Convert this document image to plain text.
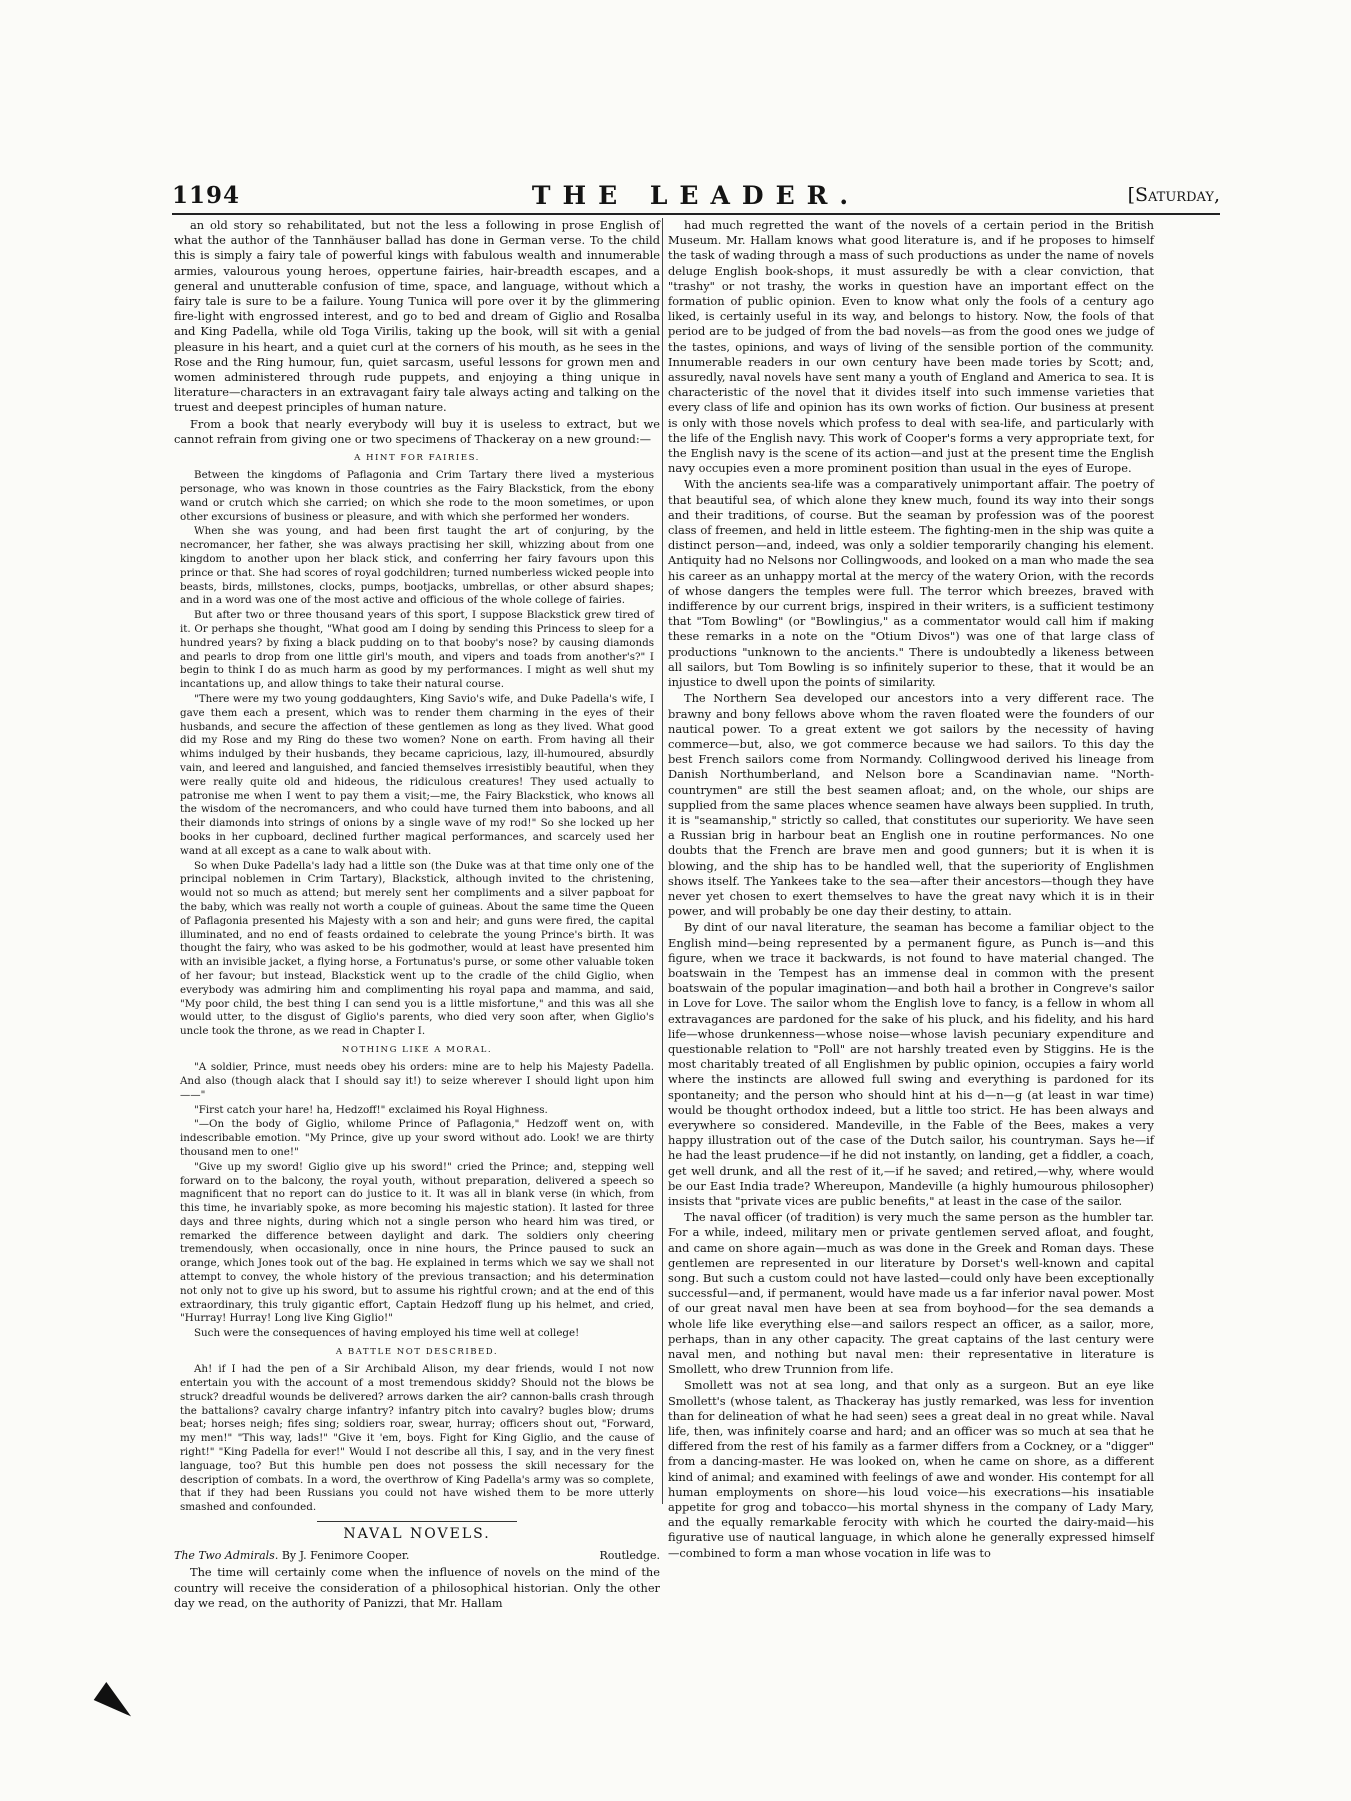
1194	THE LEADER.	[Saturday,

an old story so rehabilitated, but not the less a following in prose English of what the author of the Tannhäuser ballad has done in German verse. To the child this is simply a fairy tale of powerful kings with fabulous wealth and innumerable armies, valourous young heroes, oppertune fairies, hair-breadth escapes, and a general and unutterable confusion of time, space, and language, without which a fairy tale is sure to be a failure. Young Tunica will pore over it by the glimmering fire-light with engrossed interest, and go to bed and dream of Giglio and Rosalba and King Padella, while old Toga Virilis, taking up the book, will sit with a genial pleasure in his heart, and a quiet curl at the corners of his mouth, as he sees in the Rose and the Ring humour, fun, quiet sarcasm, useful lessons for grown men and women administered through rude puppets, and enjoying a thing unique in literature—characters in an extravagant fairy tale always acting and talking on the truest and deepest principles of human nature.

From a book that nearly everybody will buy it is useless to extract, but we cannot refrain from giving one or two specimens of Thackeray on a new ground:—

A HINT FOR FAIRIES.

Between the kingdoms of Paflagonia and Crim Tartary there lived a mysterious personage, who was known in those countries as the Fairy Blackstick, from the ebony wand or crutch which she carried; on which she rode to the moon sometimes, or upon other excursions of business or pleasure, and with which she performed her wonders.

When she was young, and had been first taught the art of conjuring, by the necromancer, her father, she was always practising her skill, whizzing about from one kingdom to another upon her black stick, and conferring her fairy favours upon this prince or that. She had scores of royal godchildren; turned numberless wicked people into beasts, birds, millstones, clocks, pumps, bootjacks, umbrellas, or other absurd shapes; and in a word was one of the most active and officious of the whole college of fairies.

But after two or three thousand years of this sport, I suppose Blackstick grew tired of it. Or perhaps she thought, "What good am I doing by sending this Princess to sleep for a hundred years? by fixing a black pudding on to that booby's nose? by causing diamonds and pearls to drop from one little girl's mouth, and vipers and toads from another's?" I begin to think I do as much harm as good by my performances. I might as well shut my incantations up, and allow things to take their natural course.

"There were my two young goddaughters, King Savio's wife, and Duke Padella's wife, I gave them each a present, which was to render them charming in the eyes of their husbands, and secure the affection of these gentlemen as long as they lived. What good did my Rose and my Ring do these two women? None on earth. From having all their whims indulged by their husbands, they became capricious, lazy, ill-humoured, absurdly vain, and leered and languished, and fancied themselves irresistibly beautiful, when they were really quite old and hideous, the ridiculous creatures! They used actually to patronise me when I went to pay them a visit;—me, the Fairy Blackstick, who knows all the wisdom of the necromancers, and who could have turned them into baboons, and all their diamonds into strings of onions by a single wave of my rod!" So she locked up her books in her cupboard, declined further magical performances, and scarcely used her wand at all except as a cane to walk about with.

So when Duke Padella's lady had a little son (the Duke was at that time only one of the principal noblemen in Crim Tartary), Blackstick, although invited to the christening, would not so much as attend; but merely sent her compliments and a silver papboat for the baby, which was really not worth a couple of guineas. About the same time the Queen of Paflagonia presented his Majesty with a son and heir; and guns were fired, the capital illuminated, and no end of feasts ordained to celebrate the young Prince's birth. It was thought the fairy, who was asked to be his godmother, would at least have presented him with an invisible jacket, a flying horse, a Fortunatus's purse, or some other valuable token of her favour; but instead, Blackstick went up to the cradle of the child Giglio, when everybody was admiring him and complimenting his royal papa and mamma, and said, "My poor child, the best thing I can send you is a little misfortune," and this was all she would utter, to the disgust of Giglio's parents, who died very soon after, when Giglio's uncle took the throne, as we read in Chapter I.

NOTHING LIKE A MORAL.

"A soldier, Prince, must needs obey his orders: mine are to help his Majesty Padella. And also (though alack that I should say it!) to seize wherever I should light upon him——"

"First catch your hare! ha, Hedzoff!" exclaimed his Royal Highness.

"—On the body of Giglio, whilome Prince of Paflagonia," Hedzoff went on, with indescribable emotion. "My Prince, give up your sword without ado. Look! we are thirty thousand men to one!"

"Give up my sword! Giglio give up his sword!" cried the Prince; and, stepping well forward on to the balcony, the royal youth, without preparation, delivered a speech so magnificent that no report can do justice to it. It was all in blank verse (in which, from this time, he invariably spoke, as more becoming his majestic station). It lasted for three days and three nights, during which not a single person who heard him was tired, or remarked the difference between daylight and dark. The soldiers only cheering tremendously, when occasionally, once in nine hours, the Prince paused to suck an orange, which Jones took out of the bag. He explained in terms which we say we shall not attempt to convey, the whole history of the previous transaction; and his determination not only not to give up his sword, but to assume his rightful crown; and at the end of this extraordinary, this truly gigantic effort, Captain Hedzoff flung up his helmet, and cried, "Hurray! Hurray! Long live King Giglio!"

Such were the consequences of having employed his time well at college!

A BATTLE NOT DESCRIBED.

Ah! if I had the pen of a Sir Archibald Alison, my dear friends, would I not now entertain you with the account of a most tremendous skiddy? Should not the blows be struck? dreadful wounds be delivered? arrows darken the air? cannon-balls crash through the battalions? cavalry charge infantry? infantry pitch into cavalry? bugles blow; drums beat; horses neigh; fifes sing; soldiers roar, swear, hurray; officers shout out, "Forward, my men!" "This way, lads!" "Give it 'em, boys. Fight for King Giglio, and the cause of right!" "King Padella for ever!" Would I not describe all this, I say, and in the very finest language, too? But this humble pen does not possess the skill necessary for the description of combats. In a word, the overthrow of King Padella's army was so complete, that if they had been Russians you could not have wished them to be more utterly smashed and confounded.

NAVAL NOVELS.
The Two Admirals. By J. Fenimore Cooper.	Routledge.

The time will certainly come when the influence of novels on the mind of the country will receive the consideration of a philosophical historian. Only the other day we read, on the authority of Panizzi, that Mr. Hallam

had much regretted the want of the novels of a certain period in the British Museum. Mr. Hallam knows what good literature is, and if he proposes to himself the task of wading through a mass of such productions as under the name of novels deluge English book-shops, it must assuredly be with a clear conviction, that "trashy" or not trashy, the works in question have an important effect on the formation of public opinion. Even to know what only the fools of a century ago liked, is certainly useful in its way, and belongs to history. Now, the fools of that period are to be judged of from the bad novels—as from the good ones we judge of the tastes, opinions, and ways of living of the sensible portion of the community. Innumerable readers in our own century have been made tories by Scott; and, assuredly, naval novels have sent many a youth of England and America to sea. It is characteristic of the novel that it divides itself into such immense varieties that every class of life and opinion has its own works of fiction. Our business at present is only with those novels which profess to deal with sea-life, and particularly with the life of the English navy. This work of Cooper's forms a very appropriate text, for the English navy is the scene of its action—and just at the present time the English navy occupies even a more prominent position than usual in the eyes of Europe.

With the ancients sea-life was a comparatively unimportant affair. The poetry of that beautiful sea, of which alone they knew much, found its way into their songs and their traditions, of course. But the seaman by profession was of the poorest class of freemen, and held in little esteem. The fighting-men in the ship was quite a distinct person—and, indeed, was only a soldier temporarily changing his element. Antiquity had no Nelsons nor Collingwoods, and looked on a man who made the sea his career as an unhappy mortal at the mercy of the watery Orion, with the records of whose dangers the temples were full. The terror which breezes, braved with indifference by our current brigs, inspired in their writers, is a sufficient testimony that "Tom Bowling" (or "Bowlingius," as a commentator would call him if making these remarks in a note on the "Otium Divos") was one of that large class of productions "unknown to the ancients." There is undoubtedly a likeness between all sailors, but Tom Bowling is so infinitely superior to these, that it would be an injustice to dwell upon the points of similarity.

The Northern Sea developed our ancestors into a very different race. The brawny and bony fellows above whom the raven floated were the founders of our nautical power. To a great extent we got sailors by the necessity of having commerce—but, also, we got commerce because we had sailors. To this day the best French sailors come from Normandy. Collingwood derived his lineage from Danish Northumberland, and Nelson bore a Scandinavian name. "North-countrymen" are still the best seamen afloat; and, on the whole, our ships are supplied from the same places whence seamen have always been supplied. In truth, it is "seamanship," strictly so called, that constitutes our superiority. We have seen a Russian brig in harbour beat an English one in routine performances. No one doubts that the French are brave men and good gunners; but it is when it is blowing, and the ship has to be handled well, that the superiority of Englishmen shows itself. The Yankees take to the sea—after their ancestors—though they have never yet chosen to exert themselves to have the great navy which it is in their power, and will probably be one day their destiny, to attain.

By dint of our naval literature, the seaman has become a familiar object to the English mind—being represented by a permanent figure, as Punch is—and this figure, when we trace it backwards, is not found to have material changed. The boatswain in the Tempest has an immense deal in common with the present boatswain of the popular imagination—and both hail a brother in Congreve's sailor in Love for Love. The sailor whom the English love to fancy, is a fellow in whom all extravagances are pardoned for the sake of his pluck, and his fidelity, and his hard life—whose drunkenness—whose noise—whose lavish pecuniary expenditure and questionable relation to "Poll" are not harshly treated even by Stiggins. He is the most charitably treated of all Englishmen by public opinion, occupies a fairy world where the instincts are allowed full swing and everything is pardoned for its spontaneity; and the person who should hint at his d—n—g (at least in war time) would be thought orthodox indeed, but a little too strict. He has been always and everywhere so considered. Mandeville, in the Fable of the Bees, makes a very happy illustration out of the case of the Dutch sailor, his countryman. Says he—if he had the least prudence—if he did not instantly, on landing, get a fiddler, a coach, get well drunk, and all the rest of it,—if he saved; and retired,—why, where would be our East India trade? Whereupon, Mandeville (a highly humourous philosopher) insists that "private vices are public benefits," at least in the case of the sailor.

The naval officer (of tradition) is very much the same person as the humbler tar. For a while, indeed, military men or private gentlemen served afloat, and fought, and came on shore again—much as was done in the Greek and Roman days. These gentlemen are represented in our literature by Dorset's well-known and capital song. But such a custom could not have lasted—could only have been exceptionally successful—and, if permanent, would have made us a far inferior naval power. Most of our great naval men have been at sea from boyhood—for the sea demands a whole life like everything else—and sailors respect an officer, as a sailor, more, perhaps, than in any other capacity. The great captains of the last century were naval men, and nothing but naval men: their representative in literature is Smollett, who drew Trunnion from life.

Smollett was not at sea long, and that only as a surgeon. But an eye like Smollett's (whose talent, as Thackeray has justly remarked, was less for invention than for delineation of what he had seen) sees a great deal in no great while. Naval life, then, was infinitely coarse and hard; and an officer was so much at sea that he differed from the rest of his family as a farmer differs from a Cockney, or a "digger" from a dancing-master. He was looked on, when he came on shore, as a different kind of animal; and examined with feelings of awe and wonder. His contempt for all human employments on shore—his loud voice—his execrations—his insatiable appetite for grog and tobacco—his mortal shyness in the company of Lady Mary, and the equally remarkable ferocity with which he courted the dairy-maid—his figurative use of nautical language, in which alone he generally expressed himself—combined to form a man whose vocation in life was to
